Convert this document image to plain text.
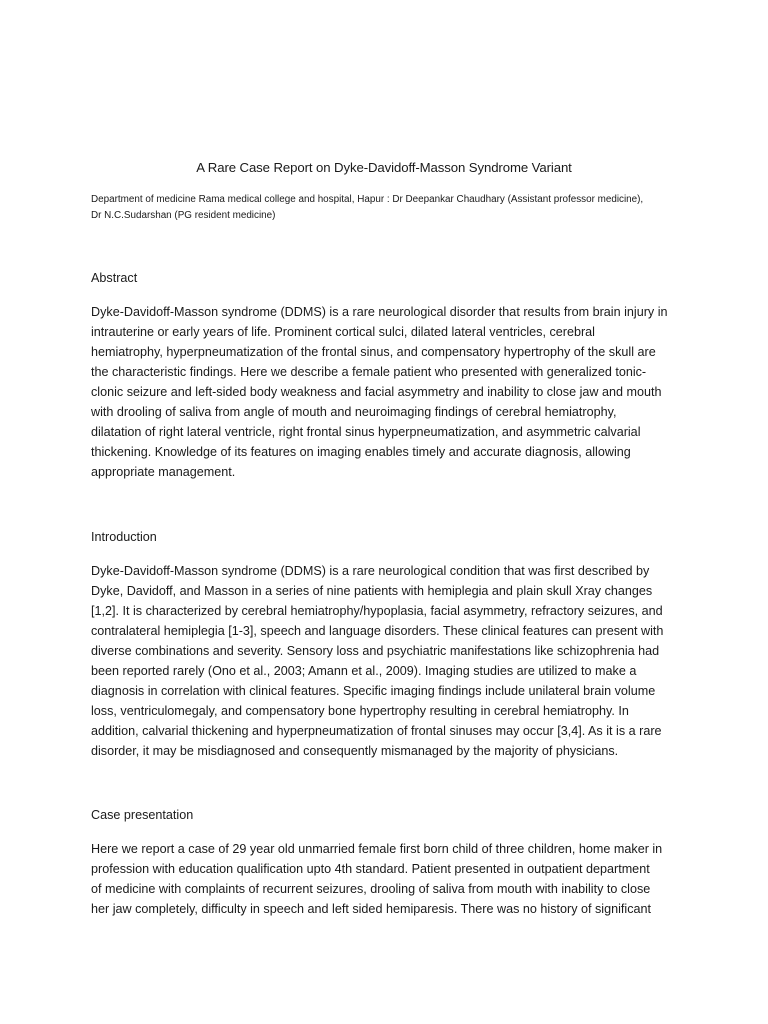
A Rare Case Report on Dyke-Davidoff-Masson Syndrome Variant
Department of medicine Rama medical college and hospital, Hapur : Dr Deepankar Chaudhary (Assistant professor medicine),
Dr N.C.Sudarshan (PG resident medicine)
Abstract
Dyke-Davidoff-Masson syndrome (DDMS) is a rare neurological disorder that results from brain injury in
intrauterine or early years of life. Prominent cortical sulci, dilated lateral ventricles, cerebral
hemiatrophy, hyperpneumatization of the frontal sinus, and compensatory hypertrophy of the skull are
the characteristic findings. Here we describe a female patient who presented with generalized tonic-
clonic seizure and left-sided body weakness and facial asymmetry and inability to close jaw and mouth
with drooling of saliva from angle of mouth and neuroimaging findings of cerebral hemiatrophy,
dilatation of right lateral ventricle, right frontal sinus hyperpneumatization, and asymmetric calvarial
thickening. Knowledge of its features on imaging enables timely and accurate diagnosis, allowing
appropriate management.
Introduction
Dyke-Davidoff-Masson syndrome (DDMS) is a rare neurological condition that was first described by
Dyke, Davidoff, and Masson in a series of nine patients with hemiplegia and plain skull Xray changes
[1,2]. It is characterized by cerebral hemiatrophy/hypoplasia, facial asymmetry, refractory seizures, and
contralateral hemiplegia [1-3], speech and language disorders. These clinical features can present with
diverse combinations and severity. Sensory loss and psychiatric manifestations like schizophrenia had
been reported rarely (Ono et al., 2003; Amann et al., 2009). Imaging studies are utilized to make a
diagnosis in correlation with clinical features. Specific imaging findings include unilateral brain volume
loss, ventriculomegaly, and compensatory bone hypertrophy resulting in cerebral hemiatrophy. In
addition, calvarial thickening and hyperpneumatization of frontal sinuses may occur [3,4]. As it is a rare
disorder, it may be misdiagnosed and consequently mismanaged by the majority of physicians.
Case presentation
Here we report a case of 29 year old unmarried female first born child of three children, home maker in
profession with education qualification upto 4th standard. Patient presented in outpatient department
of medicine with complaints of recurrent seizures, drooling of saliva from mouth with inability to close
her jaw completely, difficulty in speech and left sided hemiparesis. There was no history of significant
